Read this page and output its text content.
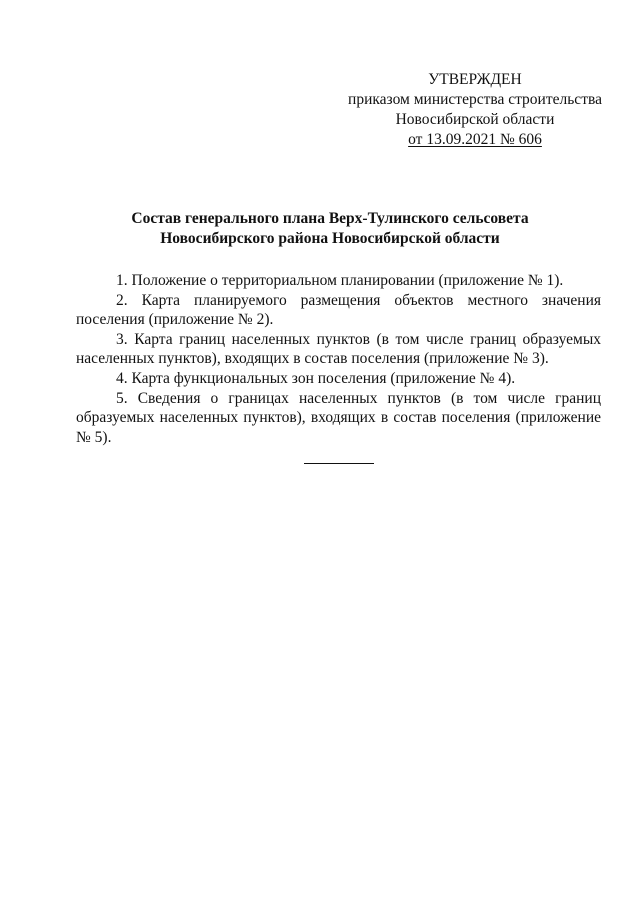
УТВЕРЖДЕН
приказом министерства строительства
Новосибирской области
от 13.09.2021 № 606
Состав генерального плана Верх-Тулинского сельсовета
Новосибирского района Новосибирской области

1. Положение о территориальном планировании (приложение № 1).

2. Карта планируемого размещения объектов местного значения поселения (приложение № 2).

3. Карта границ населенных пунктов (в том числе границ образуемых населенных пунктов), входящих в состав поселения (приложение № 3).

4. Карта функциональных зон поселения (приложение № 4).

5. Сведения о границах населенных пунктов (в том числе границ образуемых населенных пунктов), входящих в состав поселения (приложение № 5).
